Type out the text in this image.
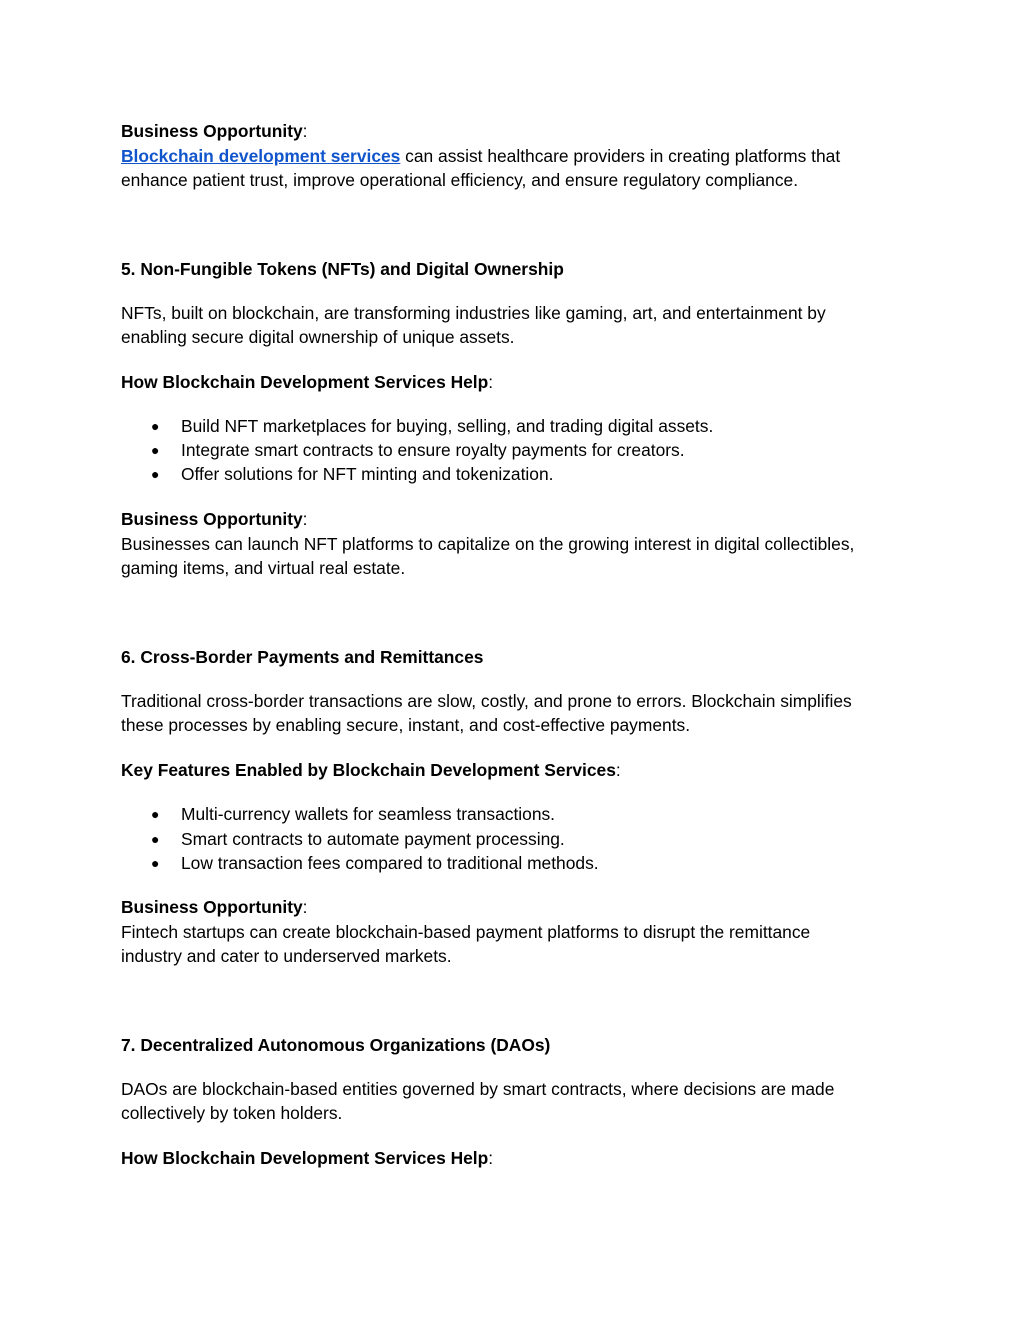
Business Opportunity:
Blockchain development services can assist healthcare providers in creating platforms that
enhance patient trust, improve operational efficiency, and ensure regulatory compliance.
5. Non-Fungible Tokens (NFTs) and Digital Ownership
NFTs, built on blockchain, are transforming industries like gaming, art, and entertainment by
enabling secure digital ownership of unique assets.
How Blockchain Development Services Help:
● Build NFT marketplaces for buying, selling, and trading digital assets.
● Integrate smart contracts to ensure royalty payments for creators.
● Offer solutions for NFT minting and tokenization.
Business Opportunity:
Businesses can launch NFT platforms to capitalize on the growing interest in digital collectibles,
gaming items, and virtual real estate.
6. Cross-Border Payments and Remittances
Traditional cross-border transactions are slow, costly, and prone to errors. Blockchain simplifies
these processes by enabling secure, instant, and cost-effective payments.
Key Features Enabled by Blockchain Development Services:
● Multi-currency wallets for seamless transactions.
● Smart contracts to automate payment processing.
● Low transaction fees compared to traditional methods.
Business Opportunity:
Fintech startups can create blockchain-based payment platforms to disrupt the remittance
industry and cater to underserved markets.
7. Decentralized Autonomous Organizations (DAOs)
DAOs are blockchain-based entities governed by smart contracts, where decisions are made
collectively by token holders.
How Blockchain Development Services Help:
